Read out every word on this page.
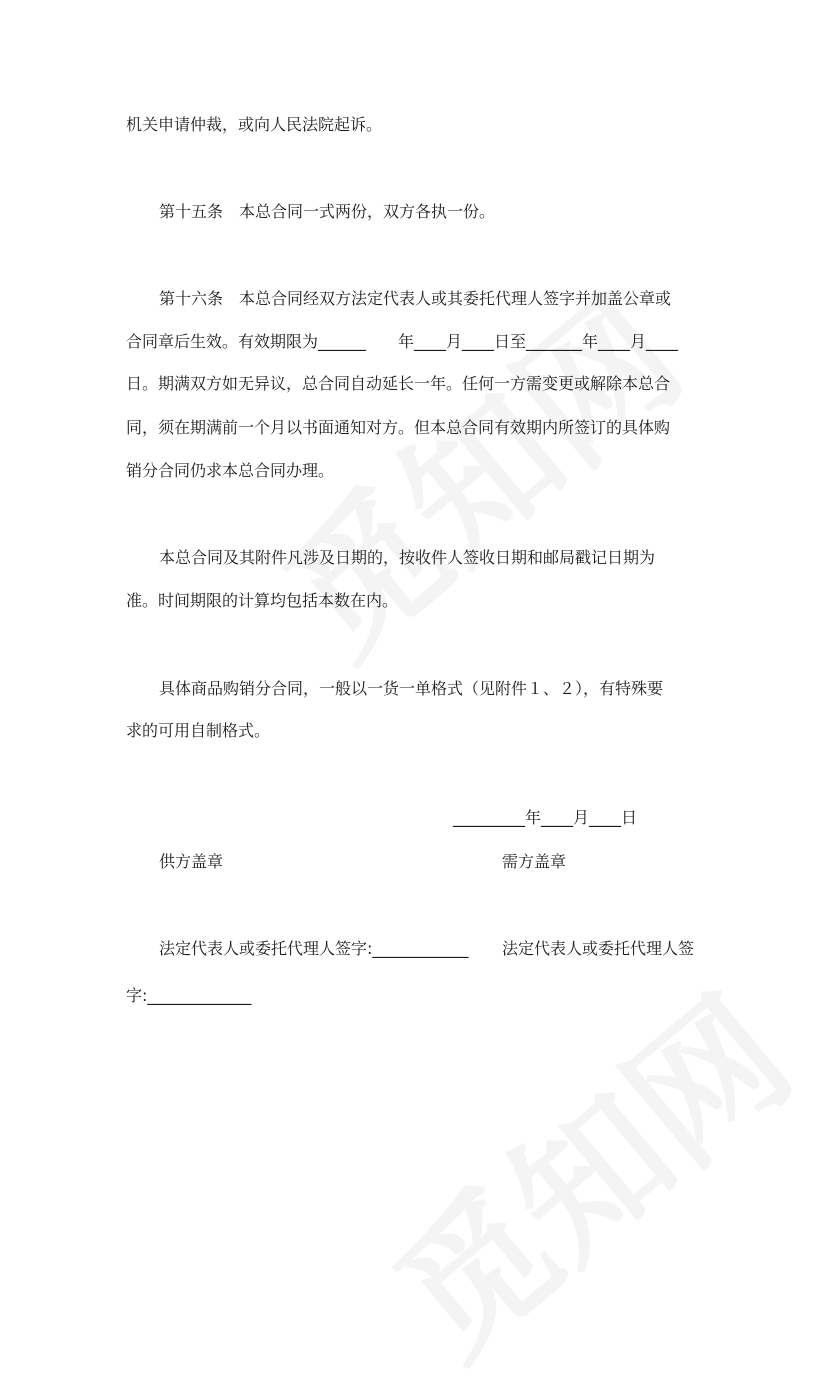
机关申请仲裁，或向人民法院起诉。
第十五条　本总合同一式两份，双方各执一份。
第十六条　本总合同经双方法定代表人或其委托代理人签字并加盖公章或
合同章后生效。有效期限为______　　年____月____日至_______年____月____
日。期满双方如无异议，总合同自动延长一年。任何一方需变更或解除本总合
同，须在期满前一个月以书面通知对方。但本总合同有效期内所签订的具体购
销分合同仍求本总合同办理。
本总合同及其附件凡涉及日期的，按收件人签收日期和邮局戳记日期为
准。时间期限的计算均包括本数在内。
具体商品购销分合同，一般以一货一单格式（见附件１、２），有特殊要
求的可用自制格式。
_________年____月____日
供方盖章	需方盖章
法定代表人或委托代理人签字:____________ 法定代表人或委托代理人签
字:_____________
